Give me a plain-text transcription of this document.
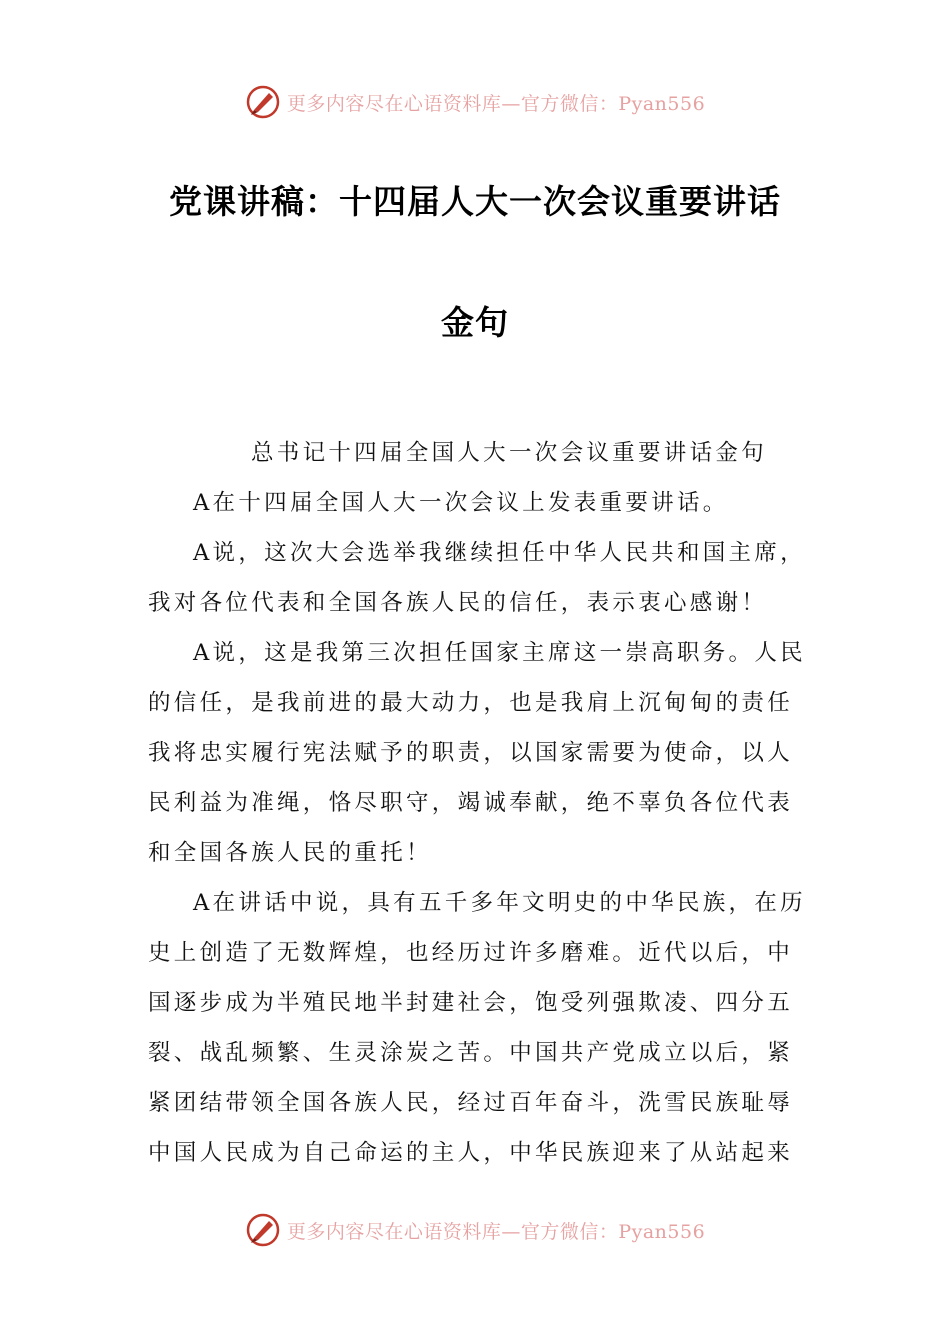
更多内容尽在心语资料库—官方微信：Pyan556
党课讲稿：十四届人大一次会议重要讲话
金句

总书记十四届全国人大一次会议重要讲话金句

A在十四届全国人大一次会议上发表重要讲话。

A说，这次大会选举我继续担任中华人民共和国主席，我对各位代表和全国各族人民的信任，表示衷心感谢！

A说，这是我第三次担任国家主席这一崇高职务。人民的信任，是我前进的最大动力，也是我肩上沉甸甸的责任我将忠实履行宪法赋予的职责，以国家需要为使命，以人民利益为准绳，恪尽职守，竭诚奉献，绝不辜负各位代表和全国各族人民的重托！

A在讲话中说，具有五千多年文明史的中华民族，在历史上创造了无数辉煌，也经历过许多磨难。近代以后，中国逐步成为半殖民地半封建社会，饱受列强欺凌、四分五裂、战乱频繁、生灵涂炭之苦。中国共产党成立以后，紧紧团结带领全国各族人民，经过百年奋斗，洗雪民族耻辱中国人民成为自己命运的主人，中华民族迎来了从站起来

更多内容尽在心语资料库—官方微信：Pyan556
